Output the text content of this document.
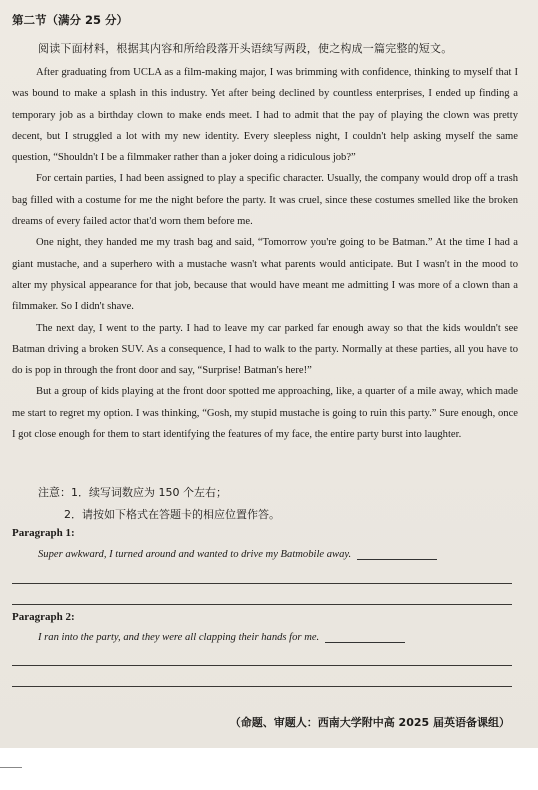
第二节（满分 25 分）
阅读下面材料，根据其内容和所给段落开头语续写两段，使之构成一篇完整的短文。

After graduating from UCLA as a film-making major, I was brimming with confidence, thinking to myself that I was bound to make a splash in this industry. Yet after being declined by countless enterprises, I ended up finding a temporary job as a birthday clown to make ends meet. I had to admit that the pay of playing the clown was pretty decent, but I struggled a lot with my new identity. Every sleepless night, I couldn't help asking myself the same question, “Shouldn't I be a filmmaker rather than a joker doing a ridiculous job?”

For certain parties, I had been assigned to play a specific character. Usually, the company would drop off a trash bag filled with a costume for me the night before the party. It was cruel, since these costumes smelled like the broken dreams of every failed actor that'd worn them before me.

One night, they handed me my trash bag and said, “Tomorrow you're going to be Batman.” At the time I had a giant mustache, and a superhero with a mustache wasn't what parents would anticipate. But I wasn't in the mood to alter my physical appearance for that job, because that would have meant me admitting I was more of a clown than a filmmaker. So I didn't shave.

The next day, I went to the party. I had to leave my car parked far enough away so that the kids wouldn't see Batman driving a broken SUV. As a consequence, I had to walk to the party. Normally at these parties, all you have to do is pop in through the front door and say, “Surprise! Batman's here!”

But a group of kids playing at the front door spotted me approaching, like, a quarter of a mile away, which made me start to regret my option. I was thinking, “Gosh, my stupid mustache is going to ruin this party.” Sure enough, once I got close enough for them to start identifying the features of my face, the entire party burst into laughter.

注意：1．续写词数应为 150 个左右；
2．请按如下格式在答题卡的相应位置作答。
Paragraph 1:
Super awkward, I turned around and wanted to drive my Batmobile away.
Paragraph 2:
I ran into the party, and they were all clapping their hands for me.
（命题、审题人：西南大学附中高 2025 届英语备课组）
